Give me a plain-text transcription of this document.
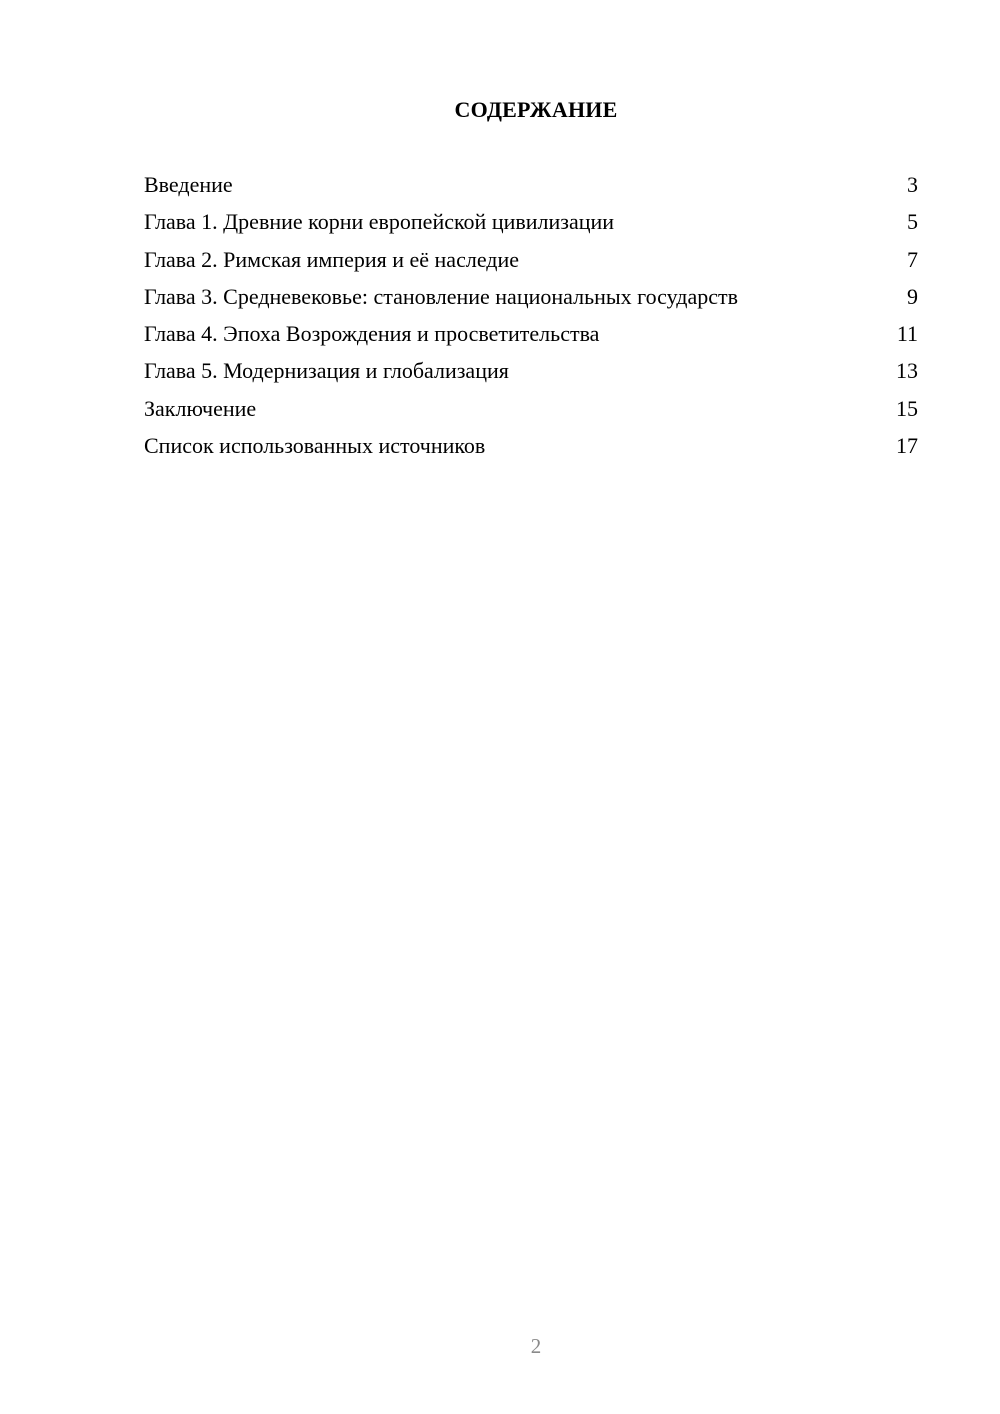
СОДЕРЖАНИЕ
Введение	3
Глава 1. Древние корни европейской цивилизации	5
Глава 2. Римская империя и её наследие	7
Глава 3. Средневековье: становление национальных государств	9
Глава 4. Эпоха Возрождения и просветительства	11
Глава 5. Модернизация и глобализация	13
Заключение	15
Список использованных источников	17
2
